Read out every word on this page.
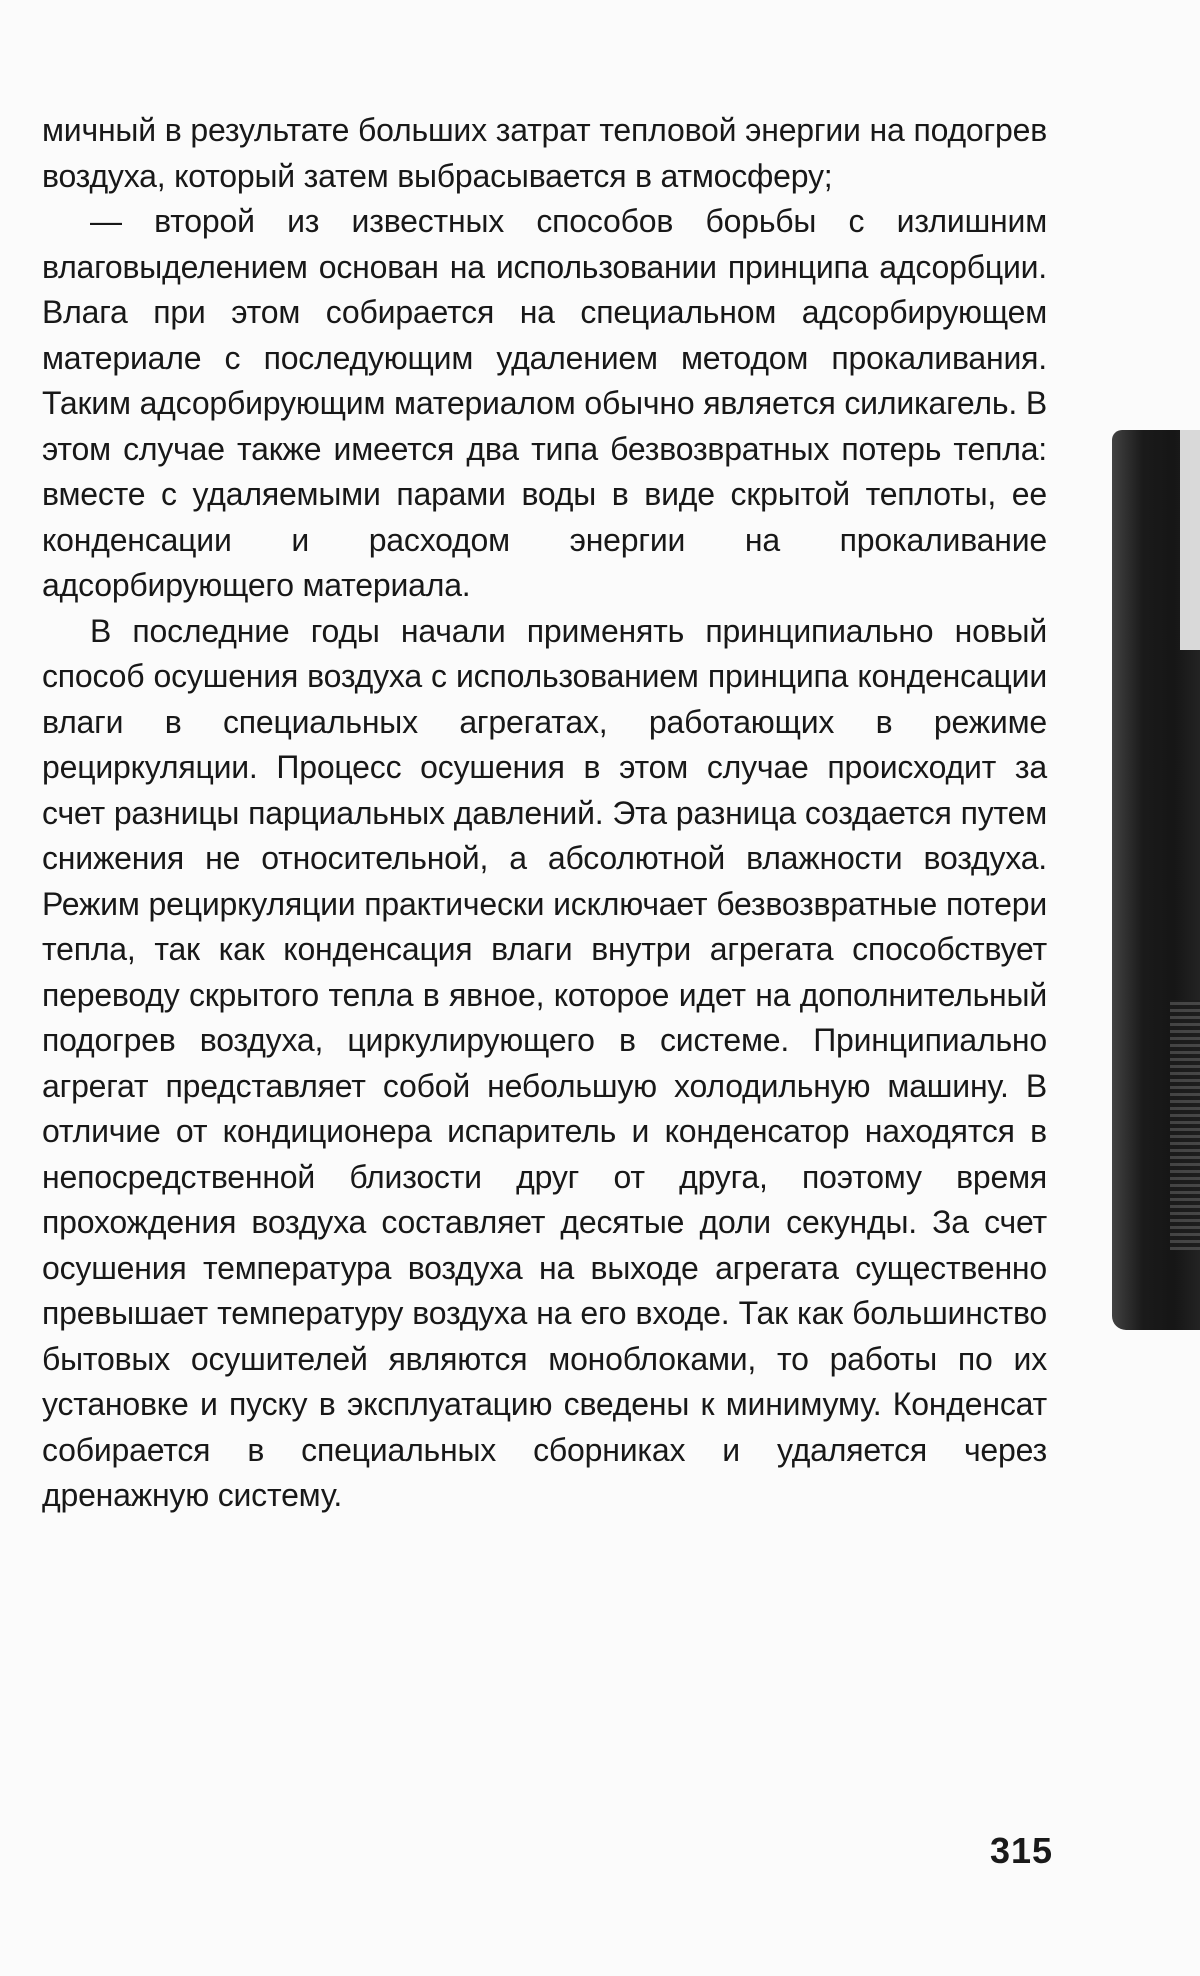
мичный в результате больших затрат тепловой энергии на подогрев воздуха, который затем выбрасывается в атмосферу;

— второй из известных способов борьбы с излишним влаговыделением основан на использовании принципа адсорбции. Влага при этом собирается на специальном адсорбирующем материале с последующим удалением методом прокаливания. Таким адсорбирующим материалом обычно является силикагель. В этом случае также имеется два типа безвозвратных потерь тепла: вместе с удаляемыми парами воды в виде скрытой теплоты, ее конденсации и расходом энергии на прокаливание адсорбирующего материала.

В последние годы начали применять принципиально новый способ осушения воздуха с использованием принципа конденсации влаги в специальных агрегатах, работающих в режиме рециркуляции. Процесс осушения в этом случае происходит за счет разницы парциальных давлений. Эта разница создается путем снижения не относительной, а абсолютной влажности воздуха. Режим рециркуляции практически исключает безвозвратные потери тепла, так как конденсация влаги внутри агрегата способствует переводу скрытого тепла в явное, которое идет на дополнительный подогрев воздуха, циркулирующего в системе. Принципиально агрегат представляет собой небольшую холодильную машину. В отличие от кондиционера испаритель и конденсатор находятся в непосредственной близости друг от друга, поэтому время прохождения воздуха составляет десятые доли секунды. За счет осушения температура воздуха на выходе агрегата существенно превышает температуру воздуха на его входе. Так как большинство бытовых осушителей являются моноблоками, то работы по их установке и пуску в эксплуатацию сведены к минимуму. Конденсат собирается в специальных сборниках и удаляется через дренажную систему.

315
